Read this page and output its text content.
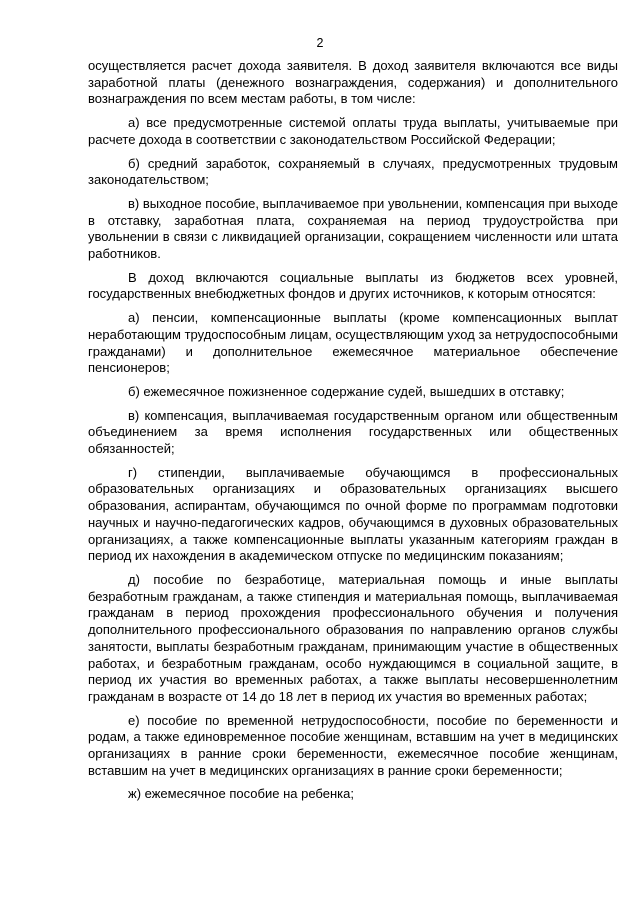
2

осуществляется расчет дохода заявителя. В доход заявителя включаются все виды заработной платы (денежного вознаграждения, содержания) и дополнительного вознаграждения по всем местам работы, в том числе:

а) все предусмотренные системой оплаты труда выплаты, учитываемые при расчете дохода в соответствии с законодательством Российской Федерации;

б) средний заработок, сохраняемый в случаях, предусмотренных трудовым законодательством;

в) выходное пособие, выплачиваемое при увольнении, компенсация при выходе в отставку, заработная плата, сохраняемая на период трудоустройства при увольнении в связи с ликвидацией организации, сокращением численности или штата работников.

В доход включаются социальные выплаты из бюджетов всех уровней, государственных внебюджетных фондов и других источников, к которым относятся:

а) пенсии, компенсационные выплаты (кроме компенсационных выплат неработающим трудоспособным лицам, осуществляющим уход за нетрудоспособными гражданами) и дополнительное ежемесячное материальное обеспечение пенсионеров;

б) ежемесячное пожизненное содержание судей, вышедших в отставку;

в) компенсация, выплачиваемая государственным органом или общественным объединением за время исполнения государственных или общественных обязанностей;

г) стипендии, выплачиваемые обучающимся в профессиональных образовательных организациях и образовательных организациях высшего образования, аспирантам, обучающимся по очной форме по программам подготовки научных и научно-педагогических кадров, обучающимся в духовных образовательных организациях, а также компенсационные выплаты указанным категориям граждан в период их нахождения в академическом отпуске по медицинским показаниям;

д) пособие по безработице, материальная помощь и иные выплаты безработным гражданам, а также стипендия и материальная помощь, выплачиваемая гражданам в период прохождения профессионального обучения и получения дополнительного профессионального образования по направлению органов службы занятости, выплаты безработным гражданам, принимающим участие в общественных работах, и безработным гражданам, особо нуждающимся в социальной защите, в период их участия во временных работах, а также выплаты несовершеннолетним гражданам в возрасте от 14 до 18 лет в период их участия во временных работах;

е) пособие по временной нетрудоспособности, пособие по беременности и родам, а также единовременное пособие женщинам, вставшим на учет в медицинских организациях в ранние сроки беременности, ежемесячное пособие женщинам, вставшим на учет в медицинских организациях в ранние сроки беременности;

ж) ежемесячное пособие на ребенка;
